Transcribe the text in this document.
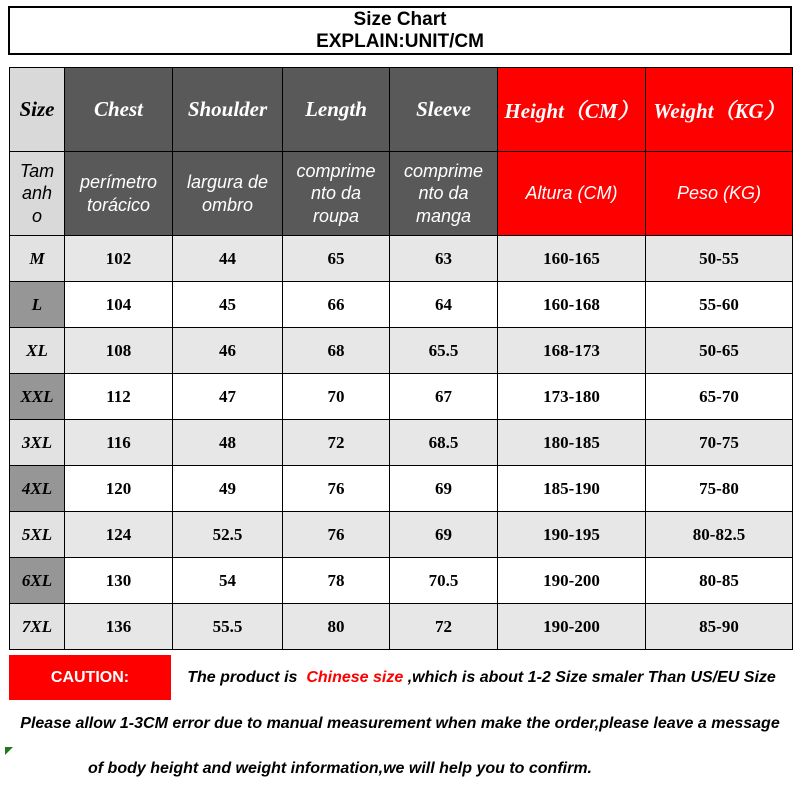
Size Chart
EXPLAIN:UNIT/CM
Size	Chest	Shoulder	Length	Sleeve	Height（CM）	Weight（KG）
Tamanho	perímetro torácico	largura de ombro	comprimento da roupa	comprimento da manga	Altura (CM)	Peso (KG)
M	102	44	65	63	160-165	50-55
L	104	45	66	64	160-168	55-60
XL	108	46	68	65.5	168-173	50-65
XXL	112	47	70	67	173-180	65-70
3XL	116	48	72	68.5	180-185	70-75
4XL	120	49	76	69	185-190	75-80
5XL	124	52.5	76	69	190-195	80-82.5
6XL	130	54	78	70.5	190-200	80-85
7XL	136	55.5	80	72	190-200	85-90
CAUTION:	The product is Chinese size ,which is about 1-2 Size smaler Than US/EU Size
Please allow 1-3CM error due to manual measurement when make the order,please leave a message
of body height and weight information,we will help you to confirm.
